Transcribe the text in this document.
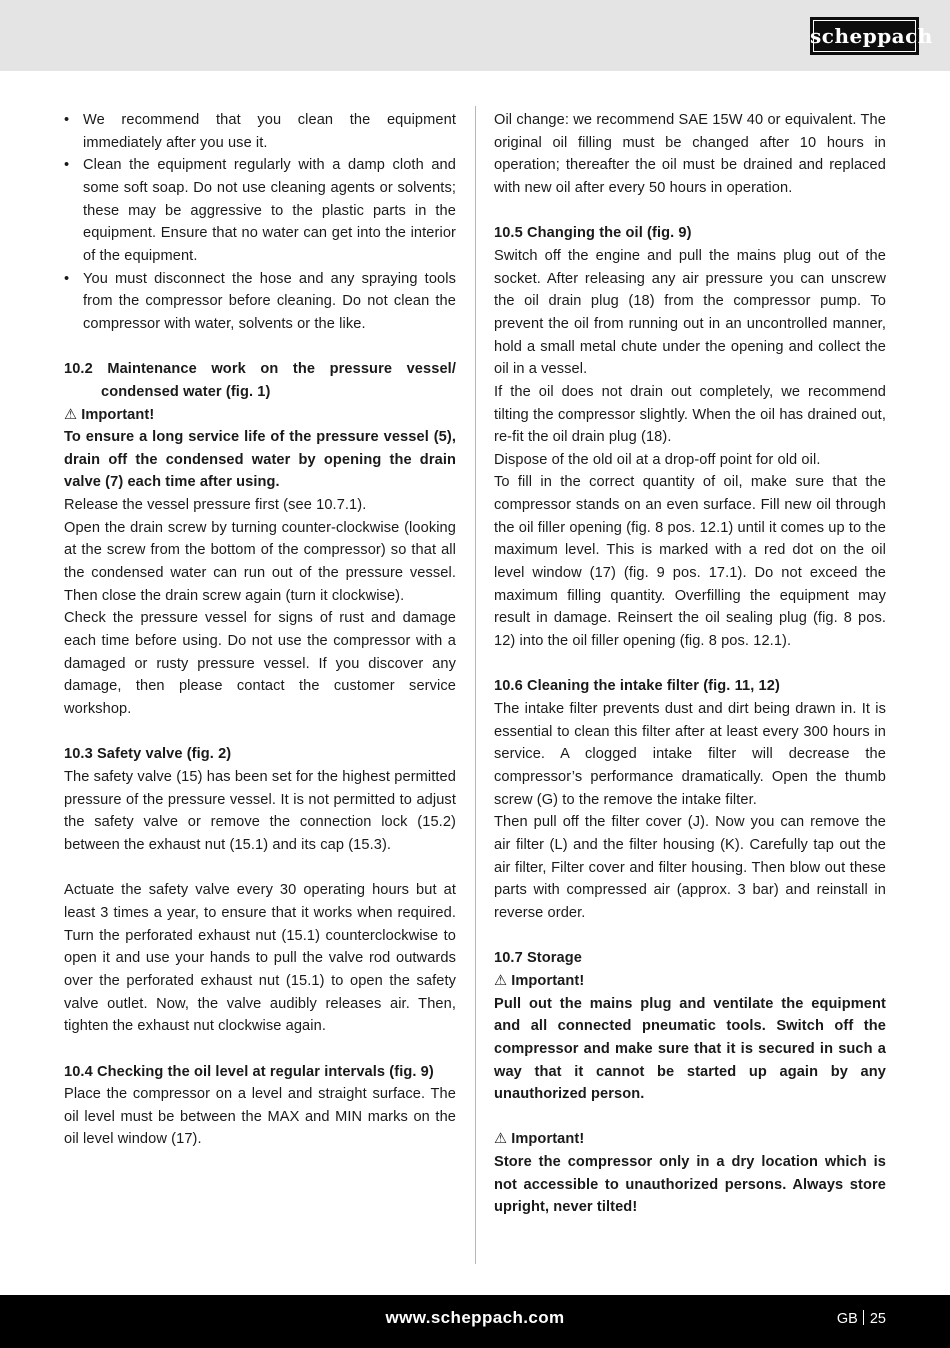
scheppach
• We recommend that you clean the equipment immediately after you use it.
• Clean the equipment regularly with a damp cloth and some soft soap. Do not use cleaning agents or solvents; these may be aggressive to the plastic parts in the equipment. Ensure that no water can get into the interior of the equipment.
• You must disconnect the hose and any spraying tools from the compressor before cleaning. Do not clean the compressor with water, solvents or the like.

10.2 Maintenance work on the pressure vessel/ condensed water (fig. 1)

⚠ Important!

To ensure a long service life of the pressure vessel (5), drain off the condensed water by opening the drain valve (7) each time after using.

Release the vessel pressure first (see 10.7.1).

Open the drain screw by turning counter-clockwise (looking at the screw from the bottom of the compressor) so that all the condensed water can run out of the pressure vessel. Then close the drain screw again (turn it clockwise).

Check the pressure vessel for signs of rust and damage each time before using. Do not use the compressor with a damaged or rusty pressure vessel. If you discover any damage, then please contact the customer service workshop.

10.3 Safety valve (fig. 2)

The safety valve (15) has been set for the highest permitted pressure of the pressure vessel. It is not permitted to adjust the safety valve or remove the connection lock (15.2) between the exhaust nut (15.1) and its cap (15.3).

Actuate the safety valve every 30 operating hours but at least 3 times a year, to ensure that it works when required. Turn the perforated exhaust nut (15.1) counterclockwise to open it and use your hands to pull the valve rod outwards over the perforated exhaust nut (15.1) to open the safety valve outlet. Now, the valve audibly releases air. Then, tighten the exhaust nut clockwise again.

10.4 Checking the oil level at regular intervals (fig. 9)

Place the compressor on a level and straight surface. The oil level must be between the MAX and MIN marks on the oil level window (17).

Oil change: we recommend SAE 15W 40 or equivalent. The original oil filling must be changed after 10 hours in operation; thereafter the oil must be drained and replaced with new oil after every 50 hours in operation.

10.5 Changing the oil (fig. 9)

Switch off the engine and pull the mains plug out of the socket. After releasing any air pressure you can unscrew the oil drain plug (18) from the compressor pump. To prevent the oil from running out in an uncontrolled manner, hold a small metal chute under the opening and collect the oil in a vessel.

If the oil does not drain out completely, we recommend tilting the compressor slightly. When the oil has drained out, re-fit the oil drain plug (18).

Dispose of the old oil at a drop-off point for old oil.

To fill in the correct quantity of oil, make sure that the compressor stands on an even surface. Fill new oil through the oil filler opening (fig. 8 pos. 12.1) until it comes up to the maximum level. This is marked with a red dot on the oil level window (17) (fig. 9 pos. 17.1). Do not exceed the maximum filling quantity. Overfilling the equipment may result in damage. Reinsert the oil sealing plug (fig. 8 pos. 12) into the oil filler opening (fig. 8 pos. 12.1).

10.6 Cleaning the intake filter (fig. 11, 12)

The intake filter prevents dust and dirt being drawn in. It is essential to clean this filter after at least every 300 hours in service. A clogged intake filter will decrease the compressor’s performance dramatically. Open the thumb screw (G) to the remove the intake filter.

Then pull off the filter cover (J). Now you can remove the air filter (L) and the filter housing (K). Carefully tap out the air filter, Filter cover and filter housing. Then blow out these parts with compressed air (approx. 3 bar) and reinstall in reverse order.

10.7 Storage

⚠ Important!

Pull out the mains plug and ventilate the equipment and all connected pneumatic tools. Switch off the compressor and make sure that it is secured in such a way that it cannot be started up again by any unauthorized person.

⚠ Important!

Store the compressor only in a dry location which is not accessible to unauthorized persons. Always store upright, never tilted!

www.scheppach.com	GB 25
